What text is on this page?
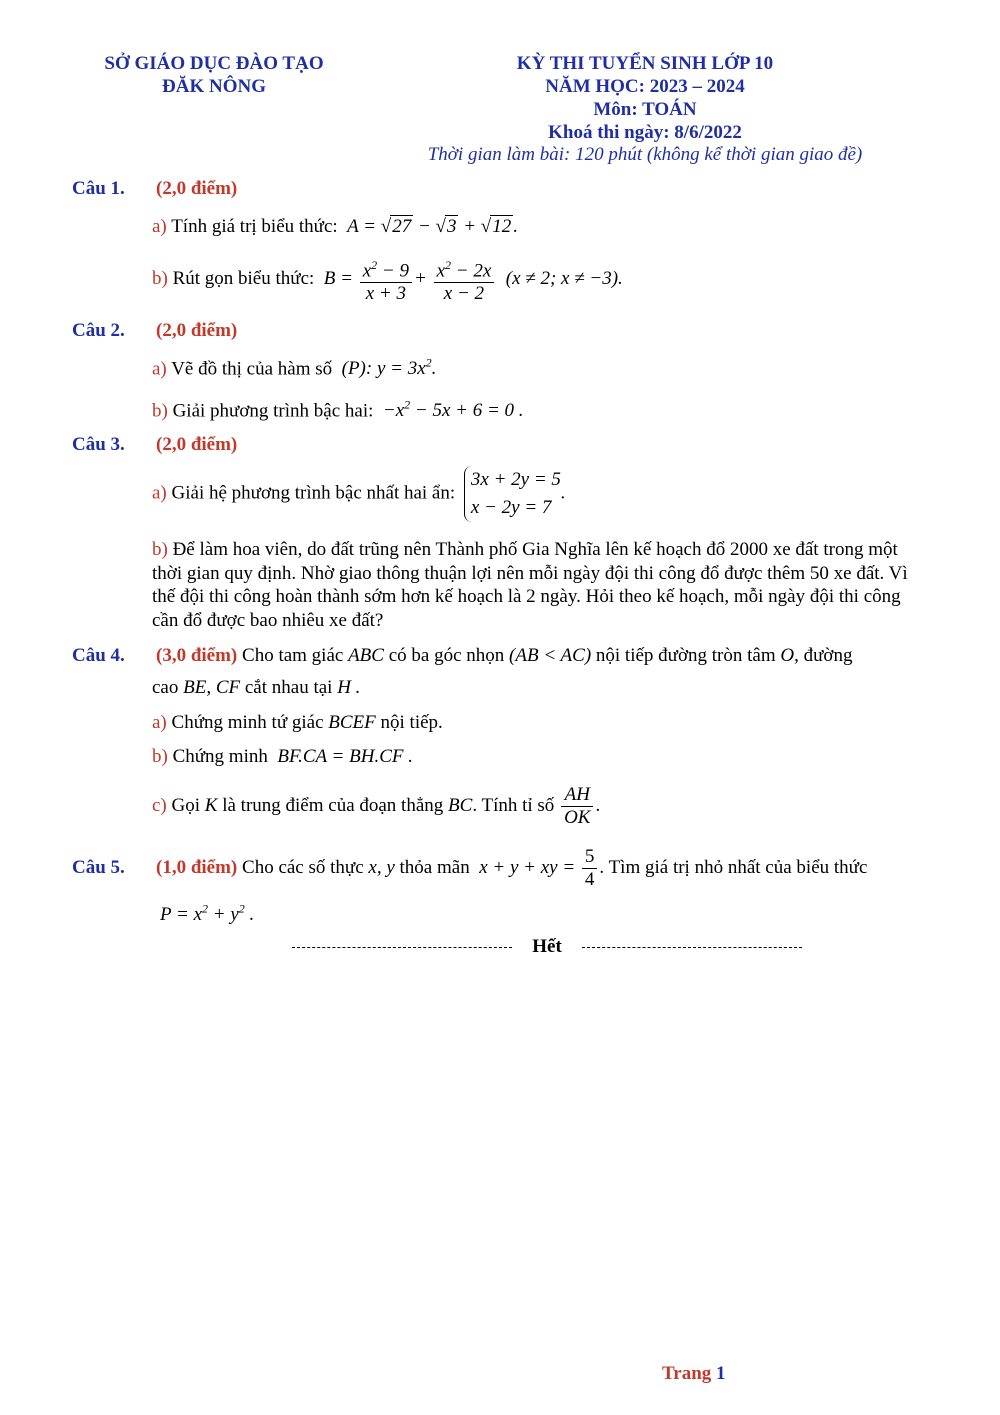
SỞ GIÁO DỤC ĐÀO TẠO
ĐĂK NÔNG
KỲ THI TUYỂN SINH LỚP 10
NĂM HỌC: 2023 – 2024
Môn: TOÁN
Khoá thi ngày: 8/6/2022
Thời gian làm bài: 120 phút (không kể thời gian giao đề)
Câu 1. (2,0 điểm)
a) Tính giá trị biểu thức:  A = √27 − √3 + √12 .
b) Rút gọn biểu thức:  $B = \frac{x^2 - 9}{x + 3} + \frac{x^2 - 2x}{x - 2} (x \ne 2$; x ≠ −3).
Câu 2. (2,0 điểm)
a) Vẽ đồ thị của hàm số  (P): $y = 3x^2$.
b) Giải phương trình bậc hai:  $-x^2 - 5x + 6 = 0$ .
Câu 3. (2,0 điểm)
a) Giải hệ phương trình bậc nhất hai ẩn:
3x + 2y = 5
x − 2y = 7
.
b) Để làm hoa viên, do đất trũng nên Thành phố Gia Nghĩa lên kế hoạch đổ 2000 xe đất trong một thời gian quy định. Nhờ giao thông thuận lợi nên mỗi ngày đội thi công đổ được thêm 50 xe đất. Vì thế đội thi công hoàn thành sớm hơn kế hoạch là 2 ngày. Hỏi theo kế hoạch, mỗi ngày đội thi công cần đổ được bao nhiêu xe đất?
Câu 4. (3,0 điểm) Cho tam giác ABC có ba góc nhọn (AB < AC) nội tiếp đường tròn tâm O, đường
cao BE, CF cắt nhau tại H .
a) Chứng minh tứ giác BCEF nội tiếp.
b) Chứng minh  BF.CA = BH.CF .
c) Gọi K là trung điểm của đoạn thẳng BC. Tính tỉ số $\frac{AH}{OK}$ .
Câu 5. (1,0 điểm) Cho các số thực x, y thỏa mãn  x + y + xy = $\frac{5}{4}$ . Tìm giá trị nhỏ nhất của biểu thức
$P = x^2 + y^2$ .
Hết
Trang 1
